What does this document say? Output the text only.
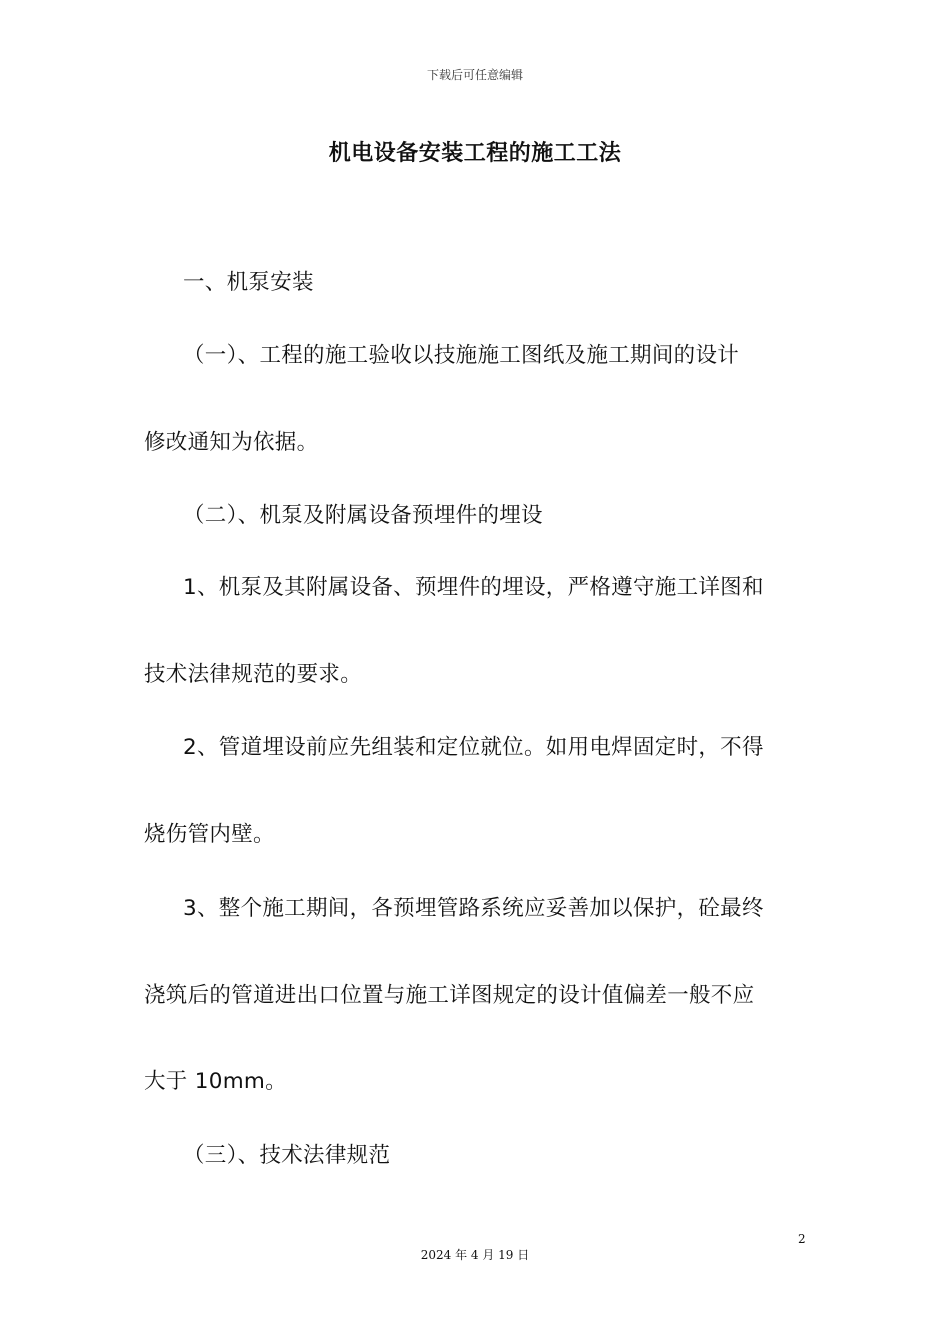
下载后可任意编辑
机电设备安装工程的施工工法

一、机泵安装

（一）、工程的施工验收以技施施工图纸及施工期间的设计

修改通知为依据。

（二）、机泵及附属设备预埋件的埋设

1、机泵及其附属设备、预埋件的埋设，严格遵守施工详图和

技术法律规范的要求。

2、管道埋设前应先组装和定位就位。如用电焊固定时，不得

烧伤管内壁。

3、整个施工期间，各预埋管路系统应妥善加以保护，砼最终

浇筑后的管道进出口位置与施工详图规定的设计值偏差一般不应

大于 10mm。

（三）、技术法律规范

2
2024 年 4 月 19 日
